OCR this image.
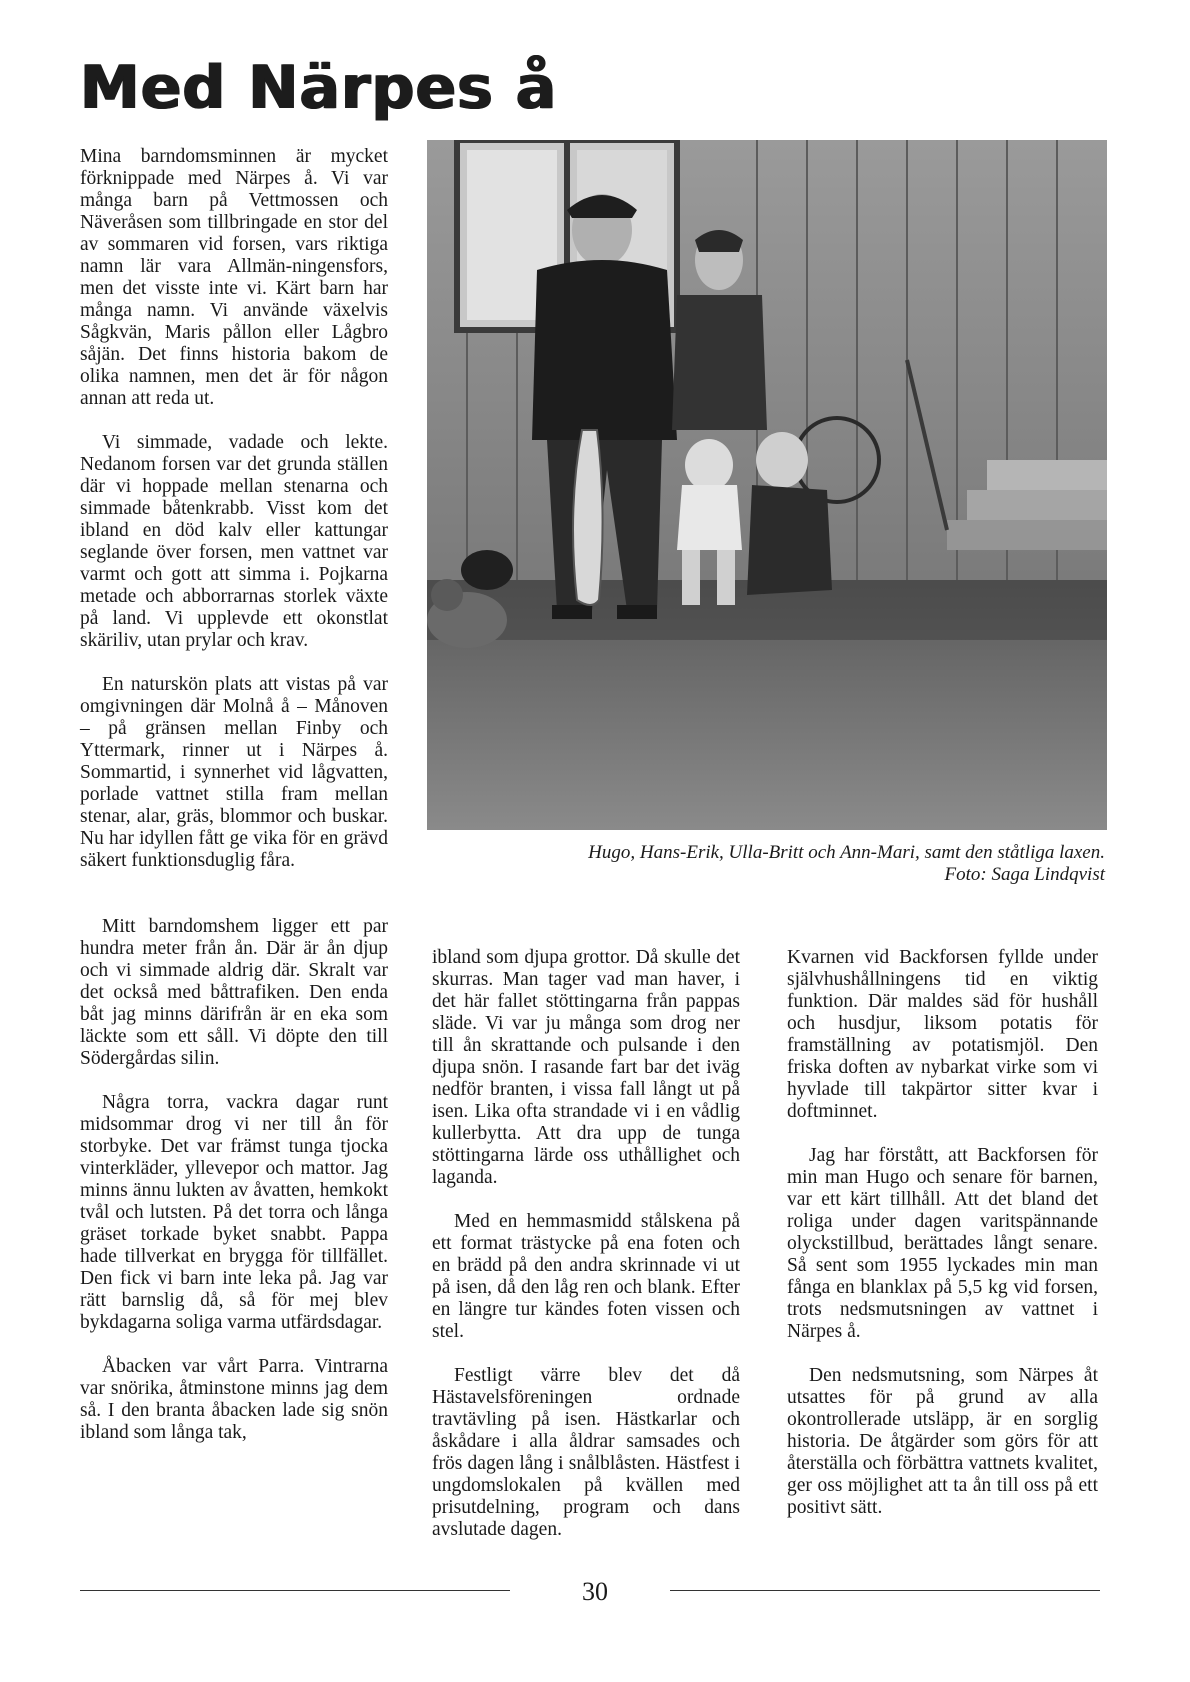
Med Närpes å

Mina barndomsminnen är mycket förknippade med Närpes å. Vi var många barn på Vettmossen och Näveråsen som tillbringade en stor del av sommaren vid forsen, vars riktiga namn lär vara Allmän-ningensfors, men det visste inte vi. Kärt barn har många namn. Vi använde växelvis Sågkvän, Maris pållon eller Lågbro såjän. Det finns historia bakom de olika namnen, men det är för någon annan att reda ut.

Vi simmade, vadade och lekte. Nedanom forsen var det grunda ställen där vi hoppade mellan stenarna och simmade båtenkrabb. Visst kom det ibland en död kalv eller kattungar seglande över forsen, men vattnet var varmt och gott att simma i. Pojkarna metade och abborrarnas storlek växte på land. Vi upplevde ett okonstlat skäriliv, utan prylar och krav.

En naturskön plats att vistas på var omgivningen där Molnå å – Månoven – på gränsen mellan Finby och Yttermark, rinner ut i Närpes å. Sommartid, i synnerhet vid lågvatten, porlade vattnet stilla fram mellan stenar, alar, gräs, blommor och buskar. Nu har idyllen fått ge vika för en grävd säkert funktionsduglig fåra.

Mitt barndomshem ligger ett par hundra meter från ån. Där är ån djup och vi simmade aldrig där. Skralt var det också med båttrafiken. Den enda båt jag minns därifrån är en eka som läckte som ett såll. Vi döpte den till Södergårdas silin.

Några torra, vackra dagar runt midsommar drog vi ner till ån för storbyke. Det var främst tunga tjocka vinterkläder, yllevepor och mattor. Jag minns ännu lukten av åvatten, hemkokt tvål och lutsten. På det torra och långa gräset torkade byket snabbt. Pappa hade tillverkat en brygga för tillfället. Den fick vi barn inte leka på. Jag var rätt barnslig då, så för mej blev bykdagarna soliga varma utfärdsdagar.

Åbacken var vårt Parra. Vintrarna var snörika, åtminstone minns jag dem så. I den branta åbacken lade sig snön ibland som långa tak,

Hugo, Hans-Erik, Ulla-Britt och Ann-Mari, samt den ståtliga laxen.
Foto: Saga Lindqvist

ibland som djupa grottor. Då skulle det skurras. Man tager vad man haver, i det här fallet stöttingarna från pappas släde. Vi var ju många som drog ner till ån skrattande och pulsande i den djupa snön. I rasande fart bar det iväg nedför branten, i vissa fall långt ut på isen. Lika ofta strandade vi i en vådlig kullerbytta. Att dra upp de tunga stöttingarna lärde oss uthållighet och laganda.

Med en hemmasmidd stålskena på ett format trästycke på ena foten och en brädd på den andra skrinnade vi ut på isen, då den låg ren och blank. Efter en längre tur kändes foten vissen och stel.

Festligt värre blev det då Hästavelsföreningen ordnade travtävling på isen. Hästkarlar och åskådare i alla åldrar samsades och frös dagen lång i snålblåsten. Hästfest i ungdomslokalen på kvällen med prisutdelning, program och dans avslutade dagen.

Kvarnen vid Backforsen fyllde under självhushållningens tid en viktig funktion. Där maldes säd för hushåll och husdjur, liksom potatis för framställning av potatismjöl. Den friska doften av nybarkat virke som vi hyvlade till takpärtor sitter kvar i doftminnet.

Jag har förstått, att Backforsen för min man Hugo och senare för barnen, var ett kärt tillhåll. Att det bland det roliga under dagen varitspännande olyckstillbud, berättades långt senare. Så sent som 1955 lyckades min man fånga en blanklax på 5,5 kg vid forsen, trots nedsmutsningen av vattnet i Närpes å.

Den nedsmutsning, som Närpes åt utsattes för på grund av alla okontrollerade utsläpp, är en sorglig historia. De åtgärder som görs för att återställa och förbättra vattnets kvalitet, ger oss möjlighet att ta ån till oss på ett positivt sätt.

30
